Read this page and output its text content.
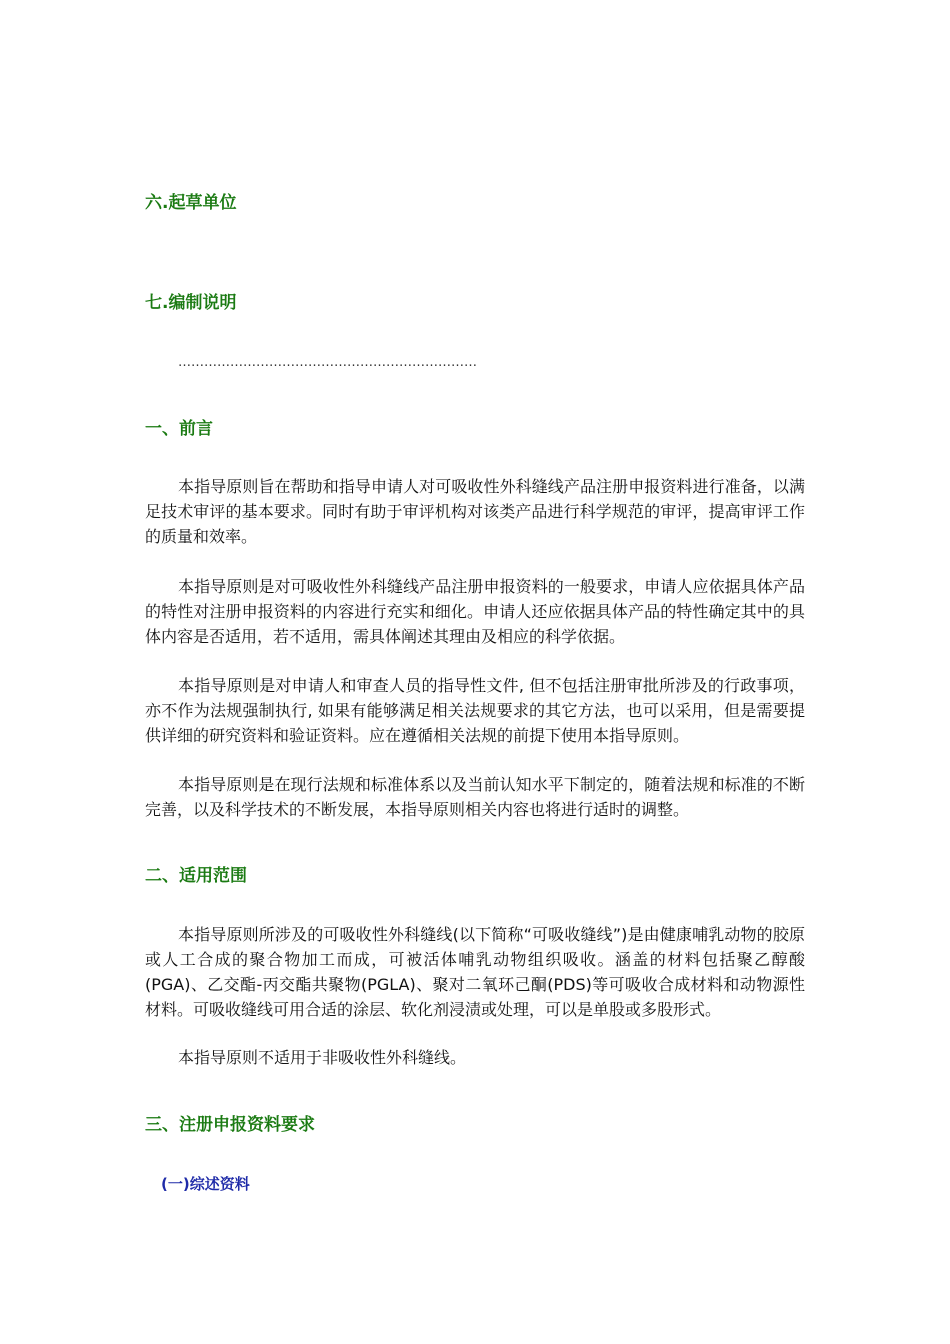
六.起草单位
七.编制说明
……………………………………………………………
一、前言

本指导原则旨在帮助和指导申请人对可吸收性外科缝线产品注册申报资料进行准备，以满足技术审评的基本要求。同时有助于审评机构对该类产品进行科学规范的审评，提高审评工作的质量和效率。

本指导原则是对可吸收性外科缝线产品注册申报资料的一般要求，申请人应依据具体产品的特性对注册申报资料的内容进行充实和细化。申请人还应依据具体产品的特性确定其中的具体内容是否适用，若不适用，需具体阐述其理由及相应的科学依据。

本指导原则是对申请人和审查人员的指导性文件, 但不包括注册审批所涉及的行政事项，亦不作为法规强制执行, 如果有能够满足相关法规要求的其它方法，也可以采用，但是需要提供详细的研究资料和验证资料。应在遵循相关法规的前提下使用本指导原则。

本指导原则是在现行法规和标准体系以及当前认知水平下制定的，随着法规和标准的不断完善，以及科学技术的不断发展，本指导原则相关内容也将进行适时的调整。

二、适用范围

本指导原则所涉及的可吸收性外科缝线(以下简称“可吸收缝线”)是由健康哺乳动物的胶原或人工合成的聚合物加工而成，可被活体哺乳动物组织吸收。涵盖的材料包括聚乙醇酸(PGA)、乙交酯-丙交酯共聚物(PGLA)、聚对二氧环己酮(PDS)等可吸收合成材料和动物源性材料。可吸收缝线可用合适的涂层、软化剂浸渍或处理，可以是单股或多股形式。

本指导原则不适用于非吸收性外科缝线。

三、注册申报资料要求
(一)综述资料
